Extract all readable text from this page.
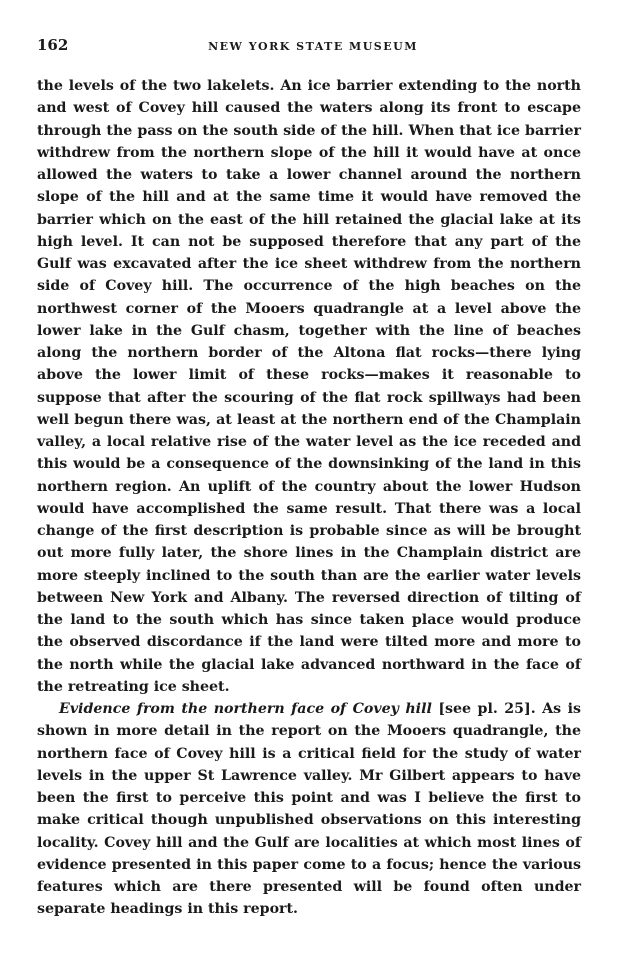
162	NEW YORK STATE MUSEUM

the levels of the two lakelets. An ice barrier extending to the north and west of Covey hill caused the waters along its front to escape through the pass on the south side of the hill. When that ice barrier withdrew from the northern slope of the hill it would have at once allowed the waters to take a lower channel around the northern slope of the hill and at the same time it would have removed the barrier which on the east of the hill retained the glacial lake at its high level. It can not be supposed therefore that any part of the Gulf was excavated after the ice sheet withdrew from the northern side of Covey hill. The occurrence of the high beaches on the northwest corner of the Mooers quadrangle at a level above the lower lake in the Gulf chasm, together with the line of beaches along the northern border of the Altona flat rocks—there lying above the lower limit of these rocks—makes it reasonable to suppose that after the scouring of the flat rock spillways had been well begun there was, at least at the northern end of the Champlain valley, a local relative rise of the water level as the ice receded and this would be a consequence of the downsinking of the land in this northern region. An uplift of the country about the lower Hudson would have accomplished the same result. That there was a local change of the first description is probable since as will be brought out more fully later, the shore lines in the Champlain district are more steeply inclined to the south than are the earlier water levels between New York and Albany. The reversed direction of tilting of the land to the south which has since taken place would produce the observed discordance if the land were tilted more and more to the north while the glacial lake advanced northward in the face of the retreating ice sheet.

Evidence from the northern face of Covey hill [see pl. 25]. As is shown in more detail in the report on the Mooers quadrangle, the northern face of Covey hill is a critical field for the study of water levels in the upper St Lawrence valley. Mr Gilbert appears to have been the first to perceive this point and was I believe the first to make critical though unpublished observations on this interesting locality. Covey hill and the Gulf are localities at which most lines of evidence presented in this paper come to a focus; hence the various features which are there presented will be found often under separate headings in this report.
